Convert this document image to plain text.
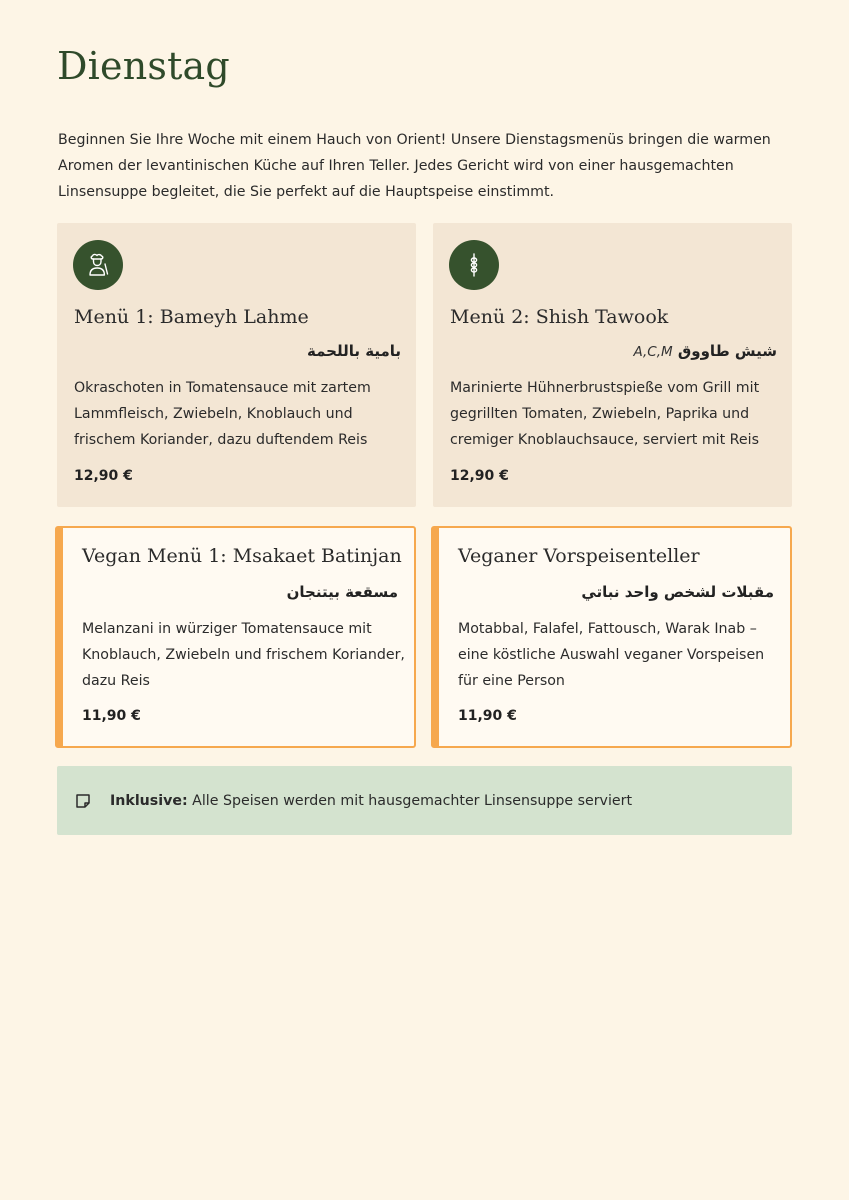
Dienstag

Beginnen Sie Ihre Woche mit einem Hauch von Orient! Unsere Dienstagsmenüs bringen die warmen Aromen der levantinischen Küche auf Ihren Teller. Jedes Gericht wird von einer hausgemachten Linsensuppe begleitet, die Sie perfekt auf die Hauptspeise einstimmt.

Menü 1: Bameyh Lahme
بامية باللحمة

Okraschoten in Tomatensauce mit zartem Lammfleisch, Zwiebeln, Knoblauch und frischem Koriander, dazu duftendem Reis

12,90 €
Menü 2: Shish Tawook
شيش طاووق A,C,M

Marinierte Hühnerbrustspieße vom Grill mit gegrillten Tomaten, Zwiebeln, Paprika und cremiger Knoblauchsauce, serviert mit Reis

12,90 €
Vegan Menü 1: Msakaet Batinjan
مسقعة بيتنجان

Melanzani in würziger Tomatensauce mit Knoblauch, Zwiebeln und frischem Koriander, dazu Reis

11,90 €
Veganer Vorspeisenteller
مقبلات لشخص واحد نباتي

Motabbal, Falafel, Fattousch, Warak Inab – eine köstliche Auswahl veganer Vorspeisen für eine Person

11,90 €
Inklusive: Alle Speisen werden mit hausgemachter Linsensuppe serviert
